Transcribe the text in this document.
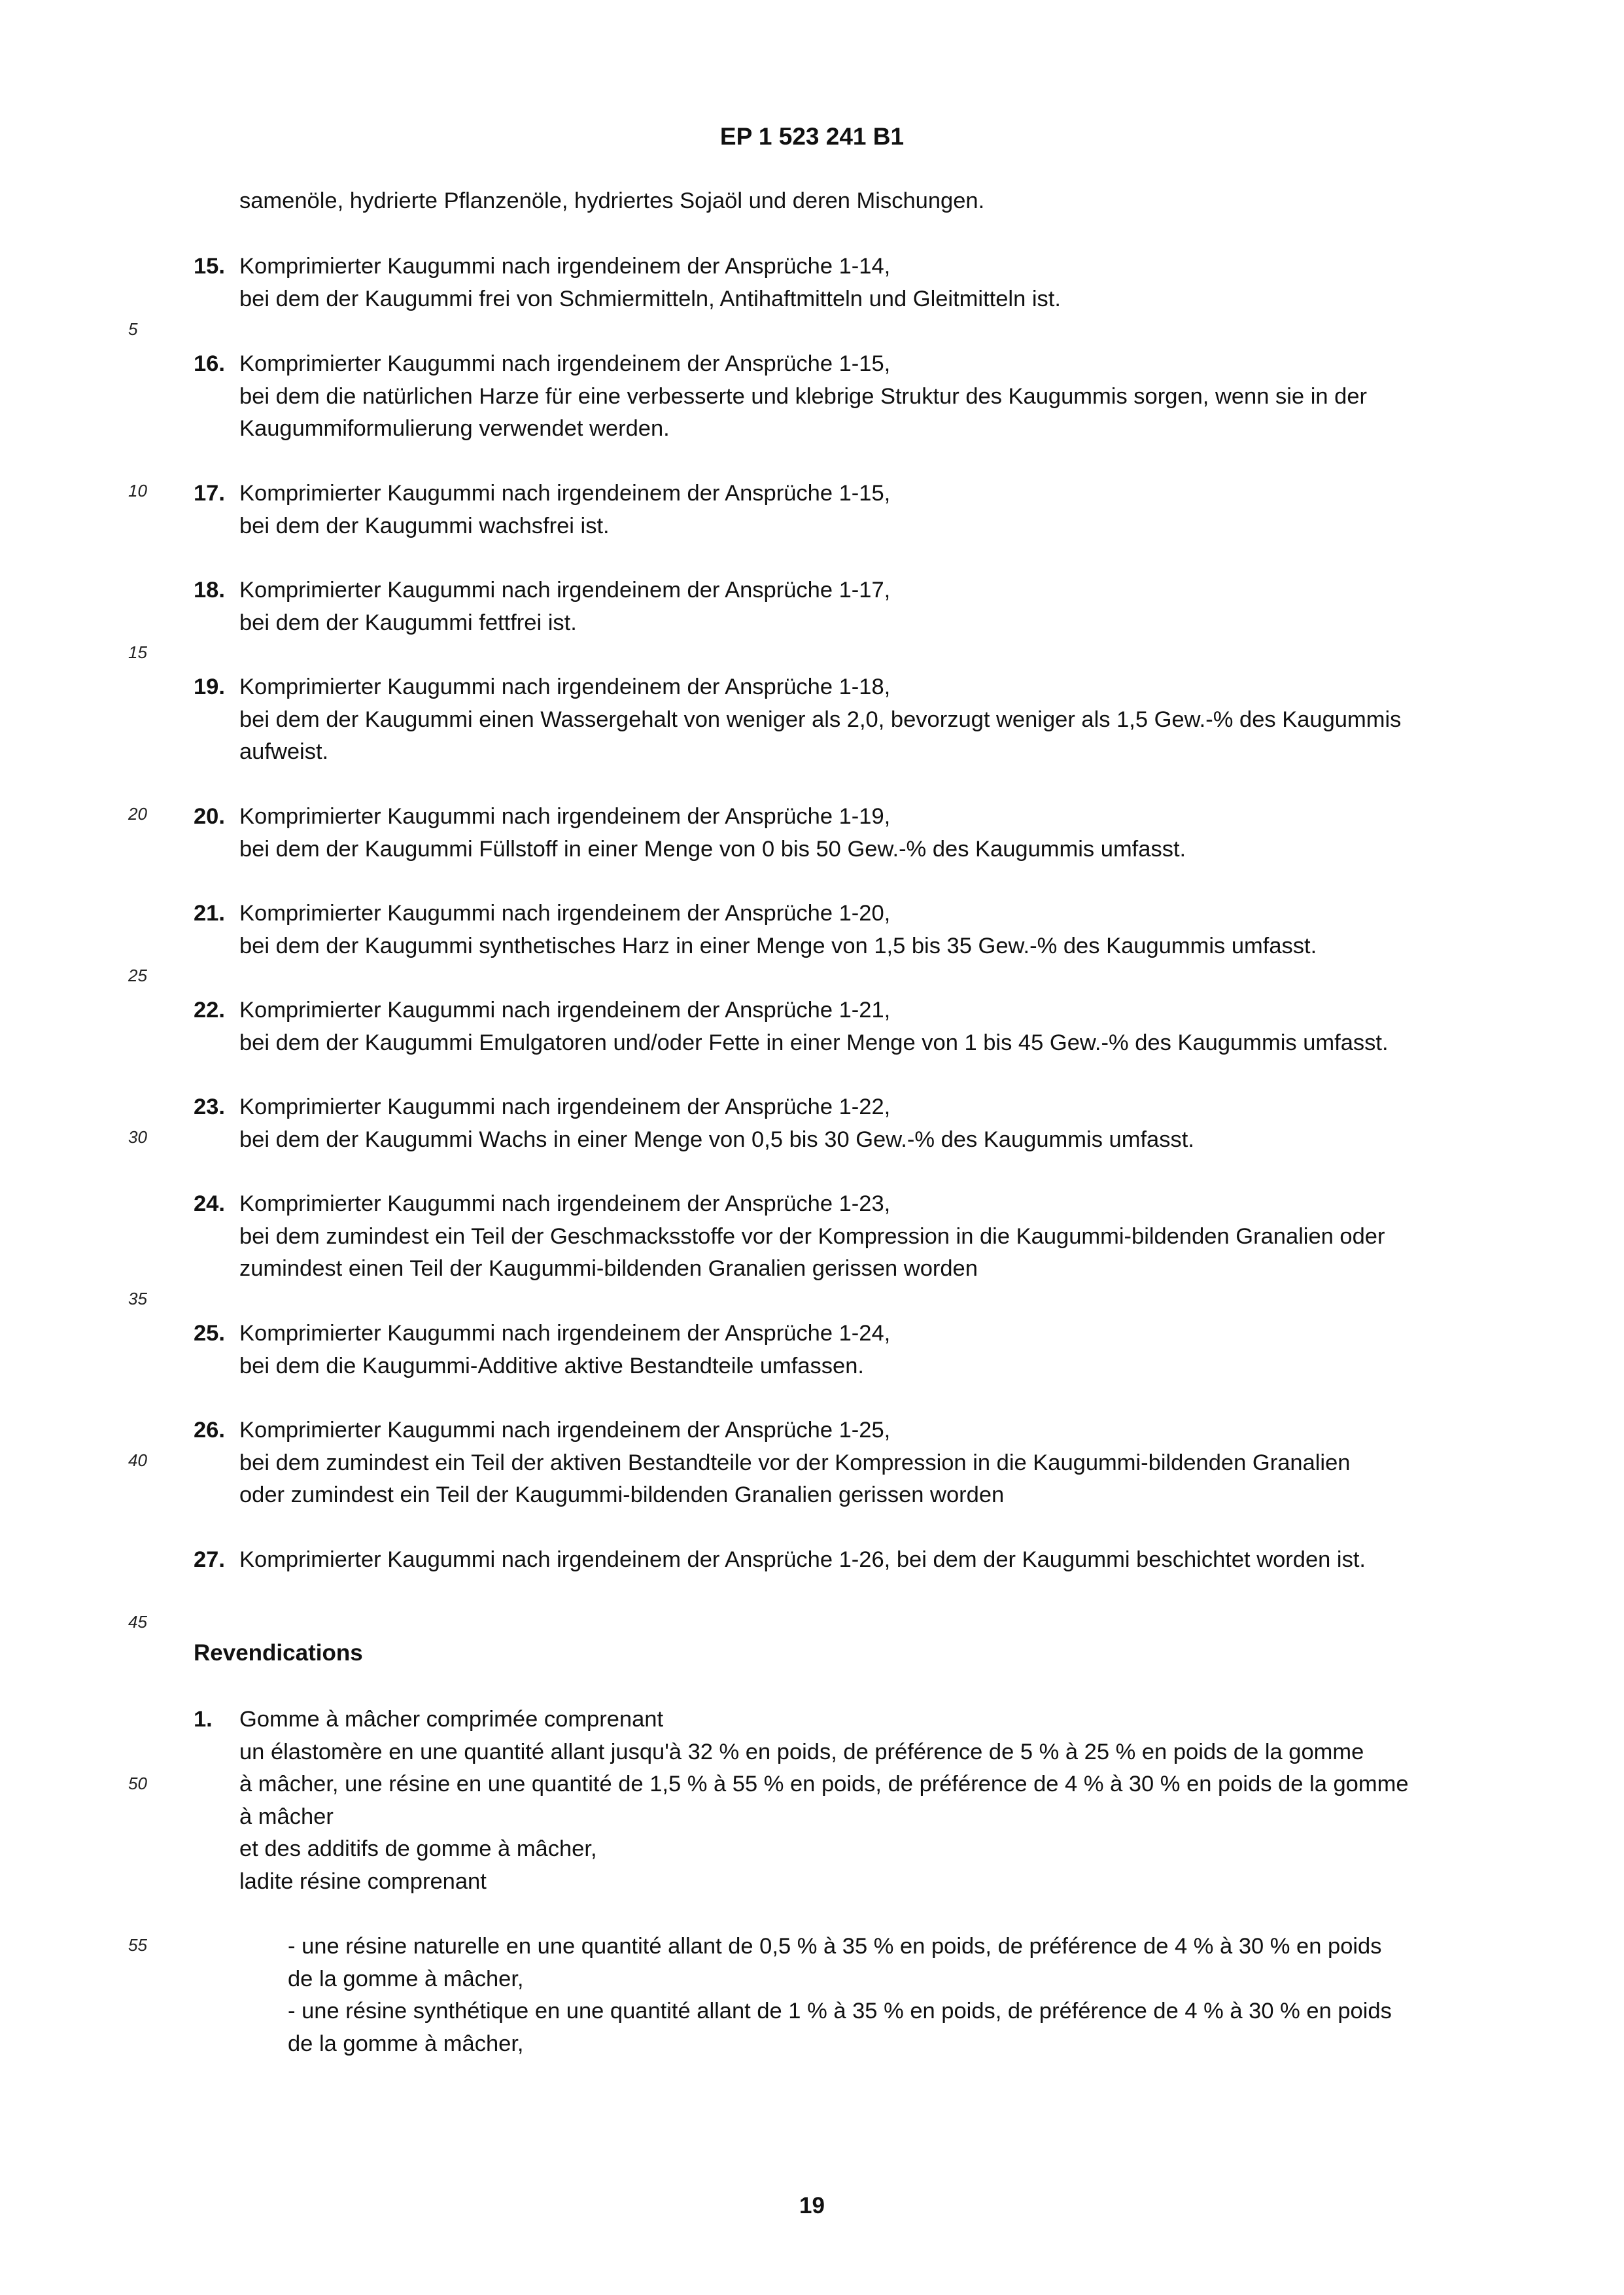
EP 1 523 241 B1
5
10
15
20
25
30
35
40
45
50
55
samenöle, hydrierte Pflanzenöle, hydriertes Sojaöl und deren Mischungen.
15. Komprimierter Kaugummi nach irgendeinem der Ansprüche 1-14,
bei dem der Kaugummi frei von Schmiermitteln, Antihaftmitteln und Gleitmitteln ist.
16. Komprimierter Kaugummi nach irgendeinem der Ansprüche 1-15,
bei dem die natürlichen Harze für eine verbesserte und klebrige Struktur des Kaugummis sorgen, wenn sie in der
Kaugummiformulierung verwendet werden.
17. Komprimierter Kaugummi nach irgendeinem der Ansprüche 1-15,
bei dem der Kaugummi wachsfrei ist.
18. Komprimierter Kaugummi nach irgendeinem der Ansprüche 1-17,
bei dem der Kaugummi fettfrei ist.
19. Komprimierter Kaugummi nach irgendeinem der Ansprüche 1-18,
bei dem der Kaugummi einen Wassergehalt von weniger als 2,0, bevorzugt weniger als 1,5 Gew.-% des Kaugummis
aufweist.
20. Komprimierter Kaugummi nach irgendeinem der Ansprüche 1-19,
bei dem der Kaugummi Füllstoff in einer Menge von 0 bis 50 Gew.-% des Kaugummis umfasst.
21. Komprimierter Kaugummi nach irgendeinem der Ansprüche 1-20,
bei dem der Kaugummi synthetisches Harz in einer Menge von 1,5 bis 35 Gew.-% des Kaugummis umfasst.
22. Komprimierter Kaugummi nach irgendeinem der Ansprüche 1-21,
bei dem der Kaugummi Emulgatoren und/oder Fette in einer Menge von 1 bis 45 Gew.-% des Kaugummis umfasst.
23. Komprimierter Kaugummi nach irgendeinem der Ansprüche 1-22,
bei dem der Kaugummi Wachs in einer Menge von 0,5 bis 30 Gew.-% des Kaugummis umfasst.
24. Komprimierter Kaugummi nach irgendeinem der Ansprüche 1-23,
bei dem zumindest ein Teil der Geschmacksstoffe vor der Kompression in die Kaugummi-bildenden Granalien oder
zumindest einen Teil der Kaugummi-bildenden Granalien gerissen worden
25. Komprimierter Kaugummi nach irgendeinem der Ansprüche 1-24,
bei dem die Kaugummi-Additive aktive Bestandteile umfassen.
26. Komprimierter Kaugummi nach irgendeinem der Ansprüche 1-25,
bei dem zumindest ein Teil der aktiven Bestandteile vor der Kompression in die Kaugummi-bildenden Granalien
oder zumindest ein Teil der Kaugummi-bildenden Granalien gerissen worden
27. Komprimierter Kaugummi nach irgendeinem der Ansprüche 1-26, bei dem der Kaugummi beschichtet worden ist.
Revendications
1. Gomme à mâcher comprimée comprenant
un élastomère en une quantité allant jusqu'à 32 % en poids, de préférence de 5 % à 25 % en poids de la gomme
à mâcher, une résine en une quantité de 1,5 % à 55 % en poids, de préférence de 4 % à 30 % en poids de la gomme
à mâcher
et des additifs de gomme à mâcher,
ladite résine comprenant
- une résine naturelle en une quantité allant de 0,5 % à 35 % en poids, de préférence de 4 % à 30 % en poids
de la gomme à mâcher,
- une résine synthétique en une quantité allant de 1 % à 35 % en poids, de préférence de 4 % à 30 % en poids
de la gomme à mâcher,
19
